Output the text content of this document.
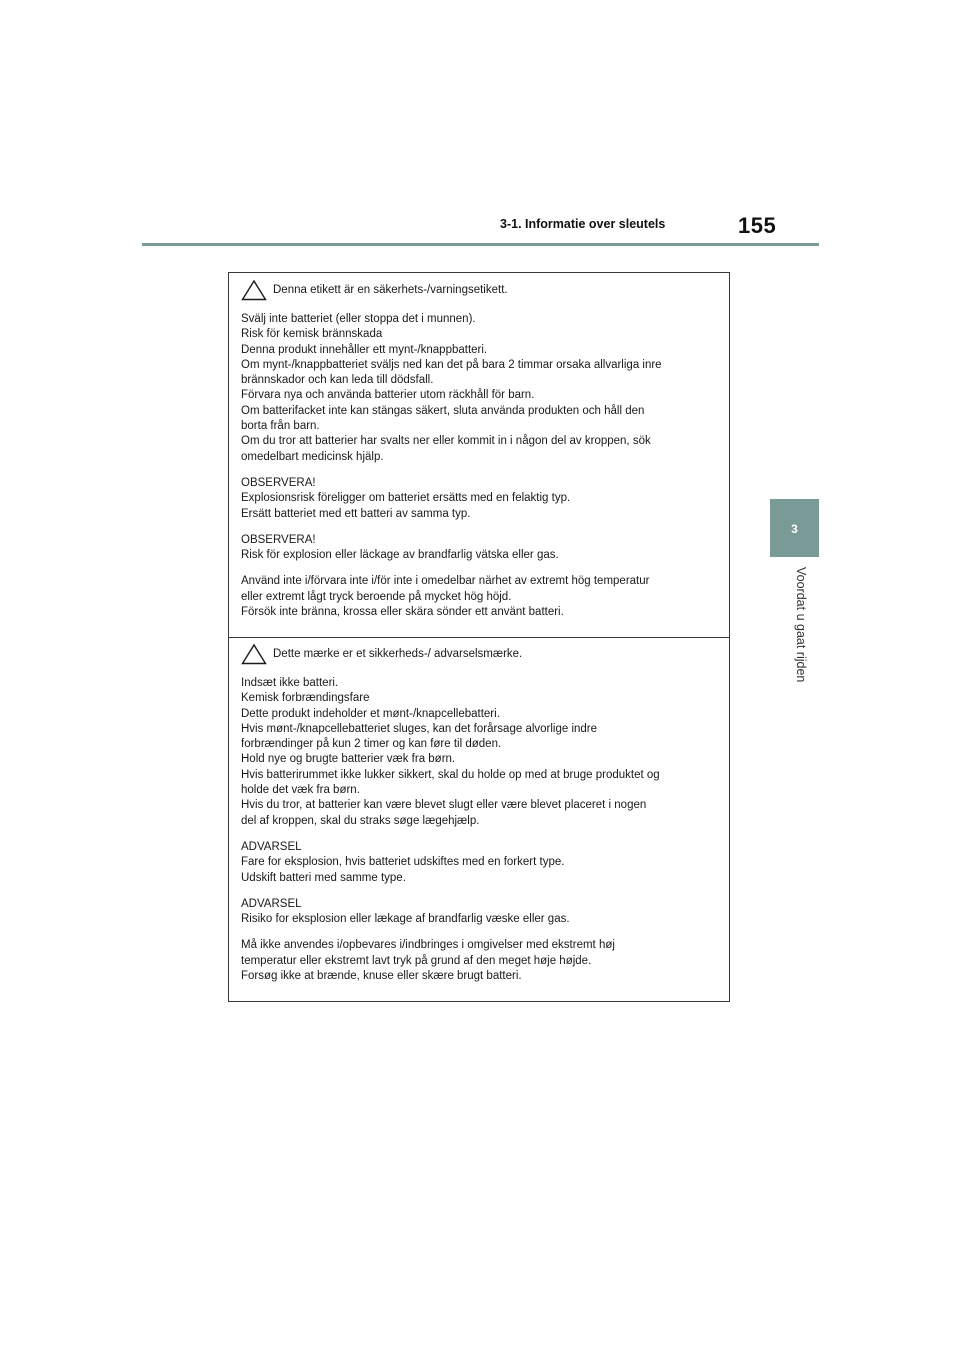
3-1. Informatie over sleutels	155
3
Voordat u gaat rijden
Denna etikett är en säkerhets-/varningsetikett.

Svälj inte batteriet (eller stoppa det i munnen).
Risk för kemisk brännskada
Denna produkt innehåller ett mynt-/knappbatteri.
Om mynt-/knappbatteriet sväljs ned kan det på bara 2 timmar orsaka allvarliga inre
brännskador och kan leda till dödsfall.
Förvara nya och använda batterier utom räckhåll för barn.
Om batterifacket inte kan stängas säkert, sluta använda produkten och håll den
borta från barn.
Om du tror att batterier har svalts ner eller kommit in i någon del av kroppen, sök
omedelbart medicinsk hjälp.

OBSERVERA!
Explosionsrisk föreligger om batteriet ersätts med en felaktig typ.
Ersätt batteriet med ett batteri av samma typ.

OBSERVERA!
Risk för explosion eller läckage av brandfarlig vätska eller gas.

Använd inte i/förvara inte i/för inte i omedelbar närhet av extremt hög temperatur
eller extremt lågt tryck beroende på mycket hög höjd.
Försök inte bränna, krossa eller skära sönder ett använt batteri.

Dette mærke er et sikkerheds-/ advarselsmærke.

Indsæt ikke batteri.
Kemisk forbrændingsfare
Dette produkt indeholder et mønt-/knapcellebatteri.
Hvis mønt-/knapcellebatteriet sluges, kan det forårsage alvorlige indre
forbrændinger på kun 2 timer og kan føre til døden.
Hold nye og brugte batterier væk fra børn.
Hvis batterirummet ikke lukker sikkert, skal du holde op med at bruge produktet og
holde det væk fra børn.
Hvis du tror, at batterier kan være blevet slugt eller være blevet placeret i nogen
del af kroppen, skal du straks søge lægehjælp.

ADVARSEL
Fare for eksplosion, hvis batteriet udskiftes med en forkert type.
Udskift batteri med samme type.

ADVARSEL
Risiko for eksplosion eller lækage af brandfarlig væske eller gas.

Må ikke anvendes i/opbevares i/indbringes i omgivelser med ekstremt høj
temperatur eller ekstremt lavt tryk på grund af den meget høje højde.
Forsøg ikke at brænde, knuse eller skære brugt batteri.
